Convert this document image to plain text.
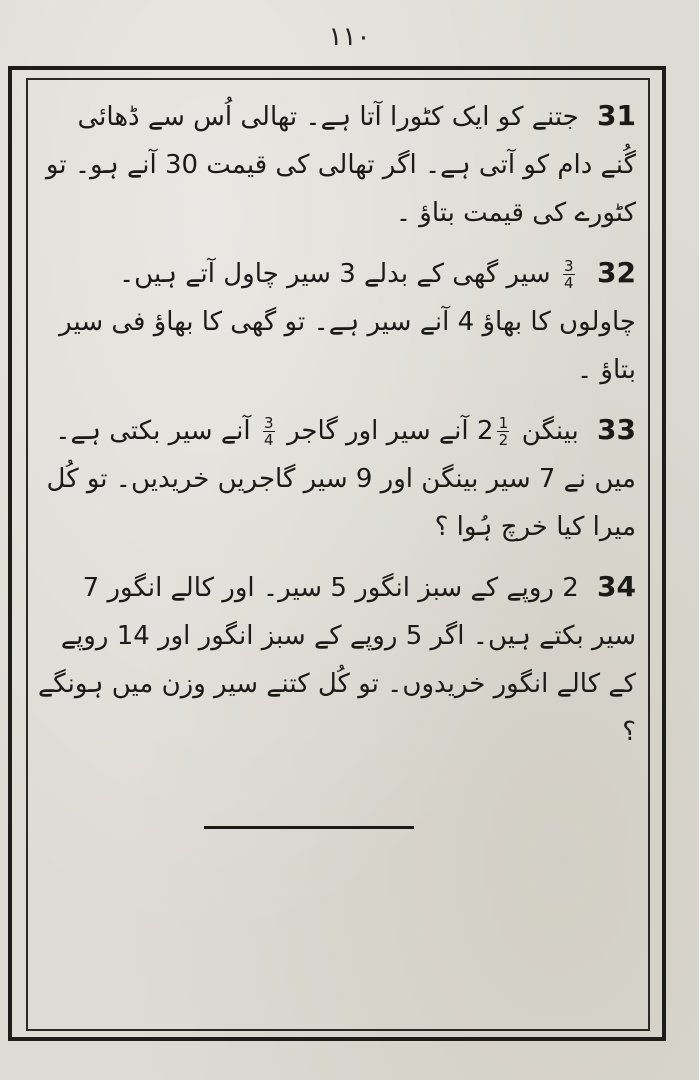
۱۱۰

31 جتنے کو ایک کٹورا آتا ہے۔ تھالی اُس سے ڈھائی گُنے دام کو آتی ہے۔ اگر تھالی کی قیمت 30 آنے ہو۔ تو کٹورے کی قیمت بتاؤ ۔

32
$\frac{3}{4}$
سیر گھی کے بدلے 3 سیر چاول آتے ہیں۔ چاولوں کا بھاؤ 4 آنے سیر ہے۔ تو گھی کا بھاؤ فی سیر بتاؤ ۔

33 بینگن $2 \frac{1}{2}$
آنے سیر اور گاجر
$\frac{3}{4}$
آنے سیر بکتی ہے۔ میں نے 7 سیر بینگن اور 9 سیر گاجریں خریدیں۔ تو کُل میرا کیا خرچ ہُوا ؟

34 2 روپے کے سبز انگور 5 سیر۔ اور کالے انگور 7 سیر بکتے ہیں۔ اگر 5 روپے کے سبز انگور اور 14 روپے کے کالے انگور خریدوں۔ تو کُل کتنے سیر وزن میں ہونگے ؟
